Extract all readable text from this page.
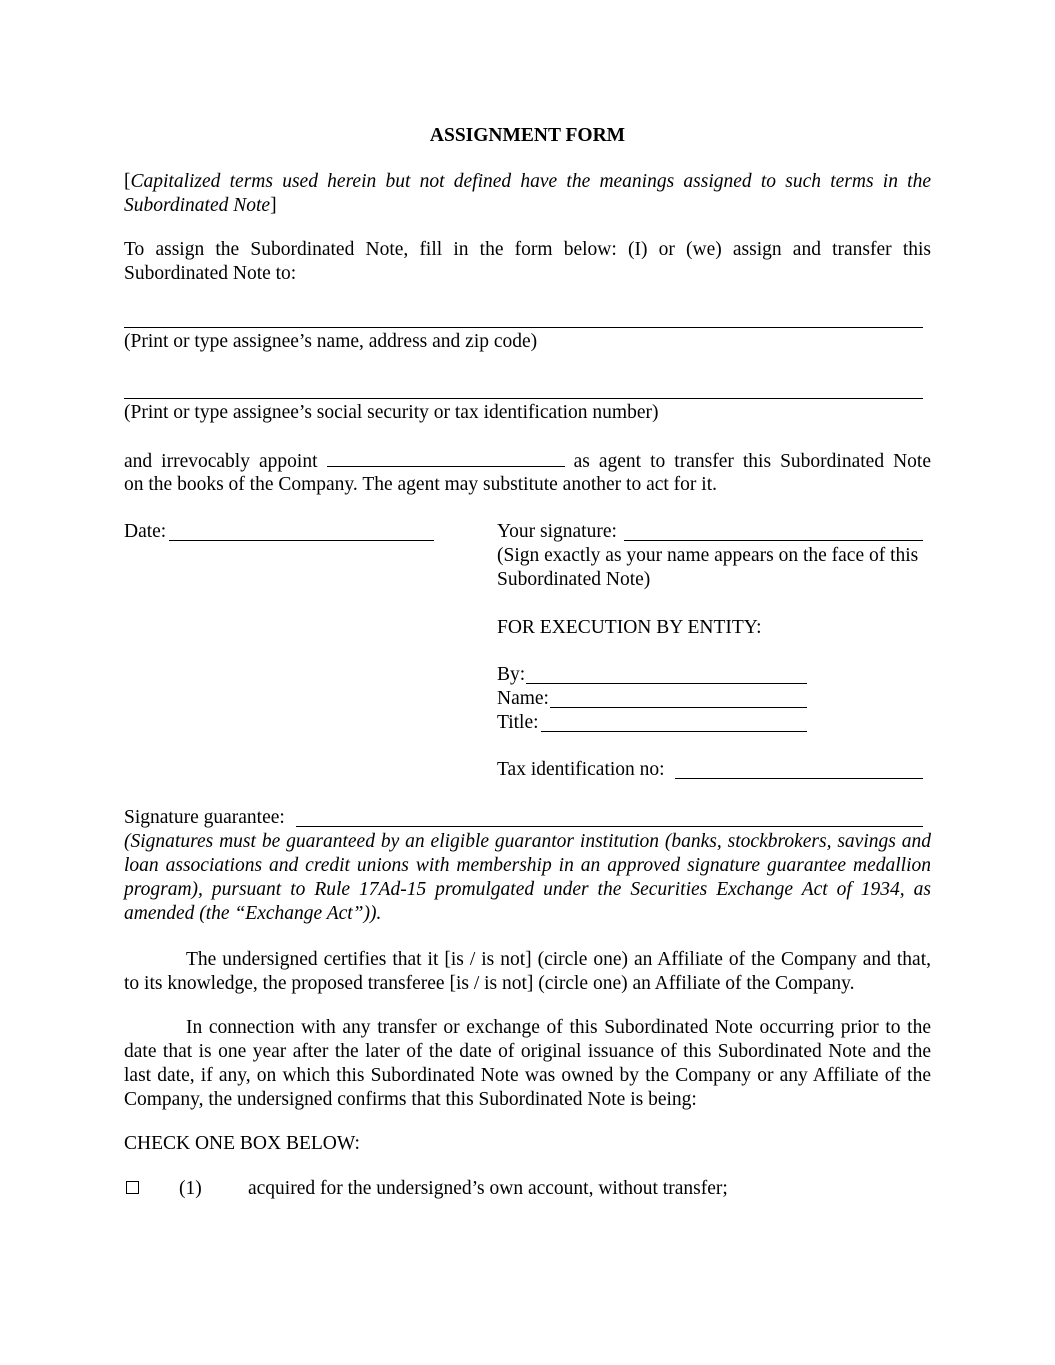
ASSIGNMENT FORM

[Capitalized terms used herein but not defined have the meanings assigned to such terms in the Subordinated Note]

To assign the Subordinated Note, fill in the form below: (I) or (we) assign and transfer this

Subordinated Note to:

(Print or type assignee’s name, address and zip code)

(Print or type assignee’s social security or tax identification number)

and irrevocably appoint	as agent to transfer this Subordinated Note

on the books of the Company. The agent may substitute another to act for it.

Date:	Your signature:

(Sign exactly as your name appears on the face of this

Subordinated Note)

FOR EXECUTION BY ENTITY:

By:

Name:

Title:

Tax identification no:

Signature guarantee:

(Signatures must be guaranteed by an eligible guarantor institution (banks, stockbrokers, savings and loan associations and credit unions with membership in an approved signature guarantee medallion program), pursuant to Rule 17Ad-15 promulgated under the Securities Exchange Act of 1934, as amended (the “Exchange Act”)).

The undersigned certifies that it [is / is not] (circle one) an Affiliate of the Company and that, to its knowledge, the proposed transferee [is / is not] (circle one) an Affiliate of the Company.

In connection with any transfer or exchange of this Subordinated Note occurring prior to the date that is one year after the later of the date of original issuance of this Subordinated Note and the last date, if any, on which this Subordinated Note was owned by the Company or any Affiliate of the Company, the undersigned confirms that this Subordinated Note is being:

CHECK ONE BOX BELOW:

(1) acquired for the undersigned’s own account, without transfer;
